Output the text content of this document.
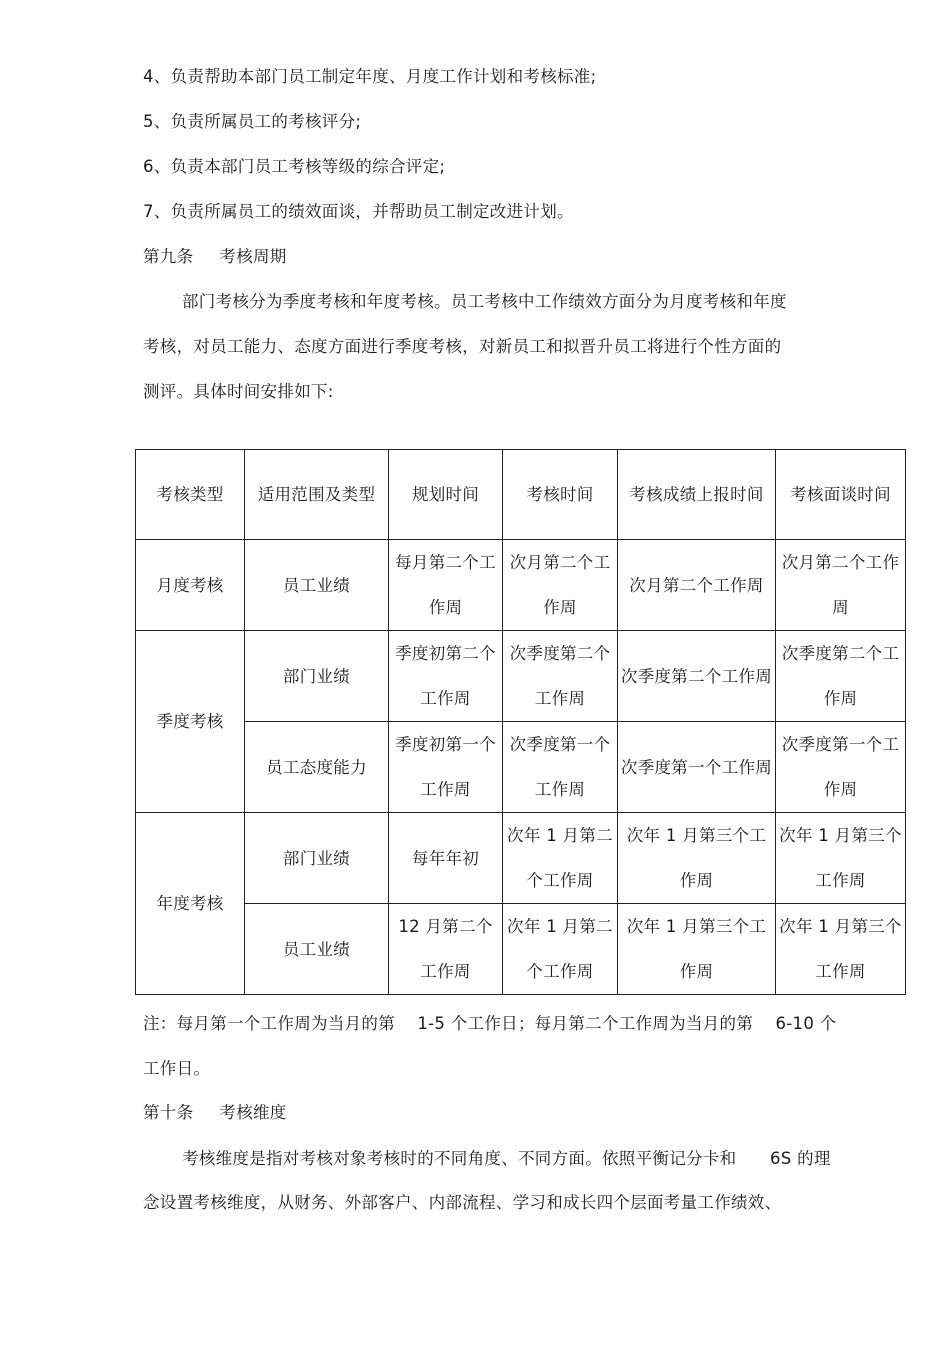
4、负责帮助本部门员工制定年度、月度工作计划和考核标准;
5、负责所属员工的考核评分;
6、负责本部门员工考核等级的综合评定;
7、负责所属员工的绩效面谈，并帮助员工制定改进计划。
第九条 考核周期
部门考核分为季度考核和年度考核。员工考核中工作绩效方面分为月度考核和年度
考核，对员工能力、态度方面进行季度考核，对新员工和拟晋升员工将进行个性方面的
测评。具体时间安排如下:
考核类型	适用范围及类型	规划时间	考核时间	考核成绩上报时间	考核面谈时间
月度考核	员工业绩	每月第二个工作周	次月第二个工作周	次月第二个工作周	次月第二个工作周
季度考核	部门业绩	季度初第二个工作周	次季度第二个工作周	次季度第二个工作周	次季度第二个工作周
	员工态度能力	季度初第一个工作周	次季度第一个工作周	次季度第一个工作周	次季度第一个工作周
年度考核	部门业绩	每年年初	次年 1 月第二个工作周	次年 1 月第三个工作周	次年 1 月第三个工作周
	员工业绩	12 月第二个工作周	次年 1 月第二个工作周	次年 1 月第三个工作周	次年 1 月第三个工作周
注：每月第一个工作周为当月的第　 1-5 个工作日；每月第二个工作周为当月的第　 6-10 个
工作日。
第十条 考核维度
考核维度是指对考核对象考核时的不同角度、不同方面。依照平衡记分卡和　　6S 的理
念设置考核维度，从财务、外部客户、内部流程、学习和成长四个层面考量工作绩效、
